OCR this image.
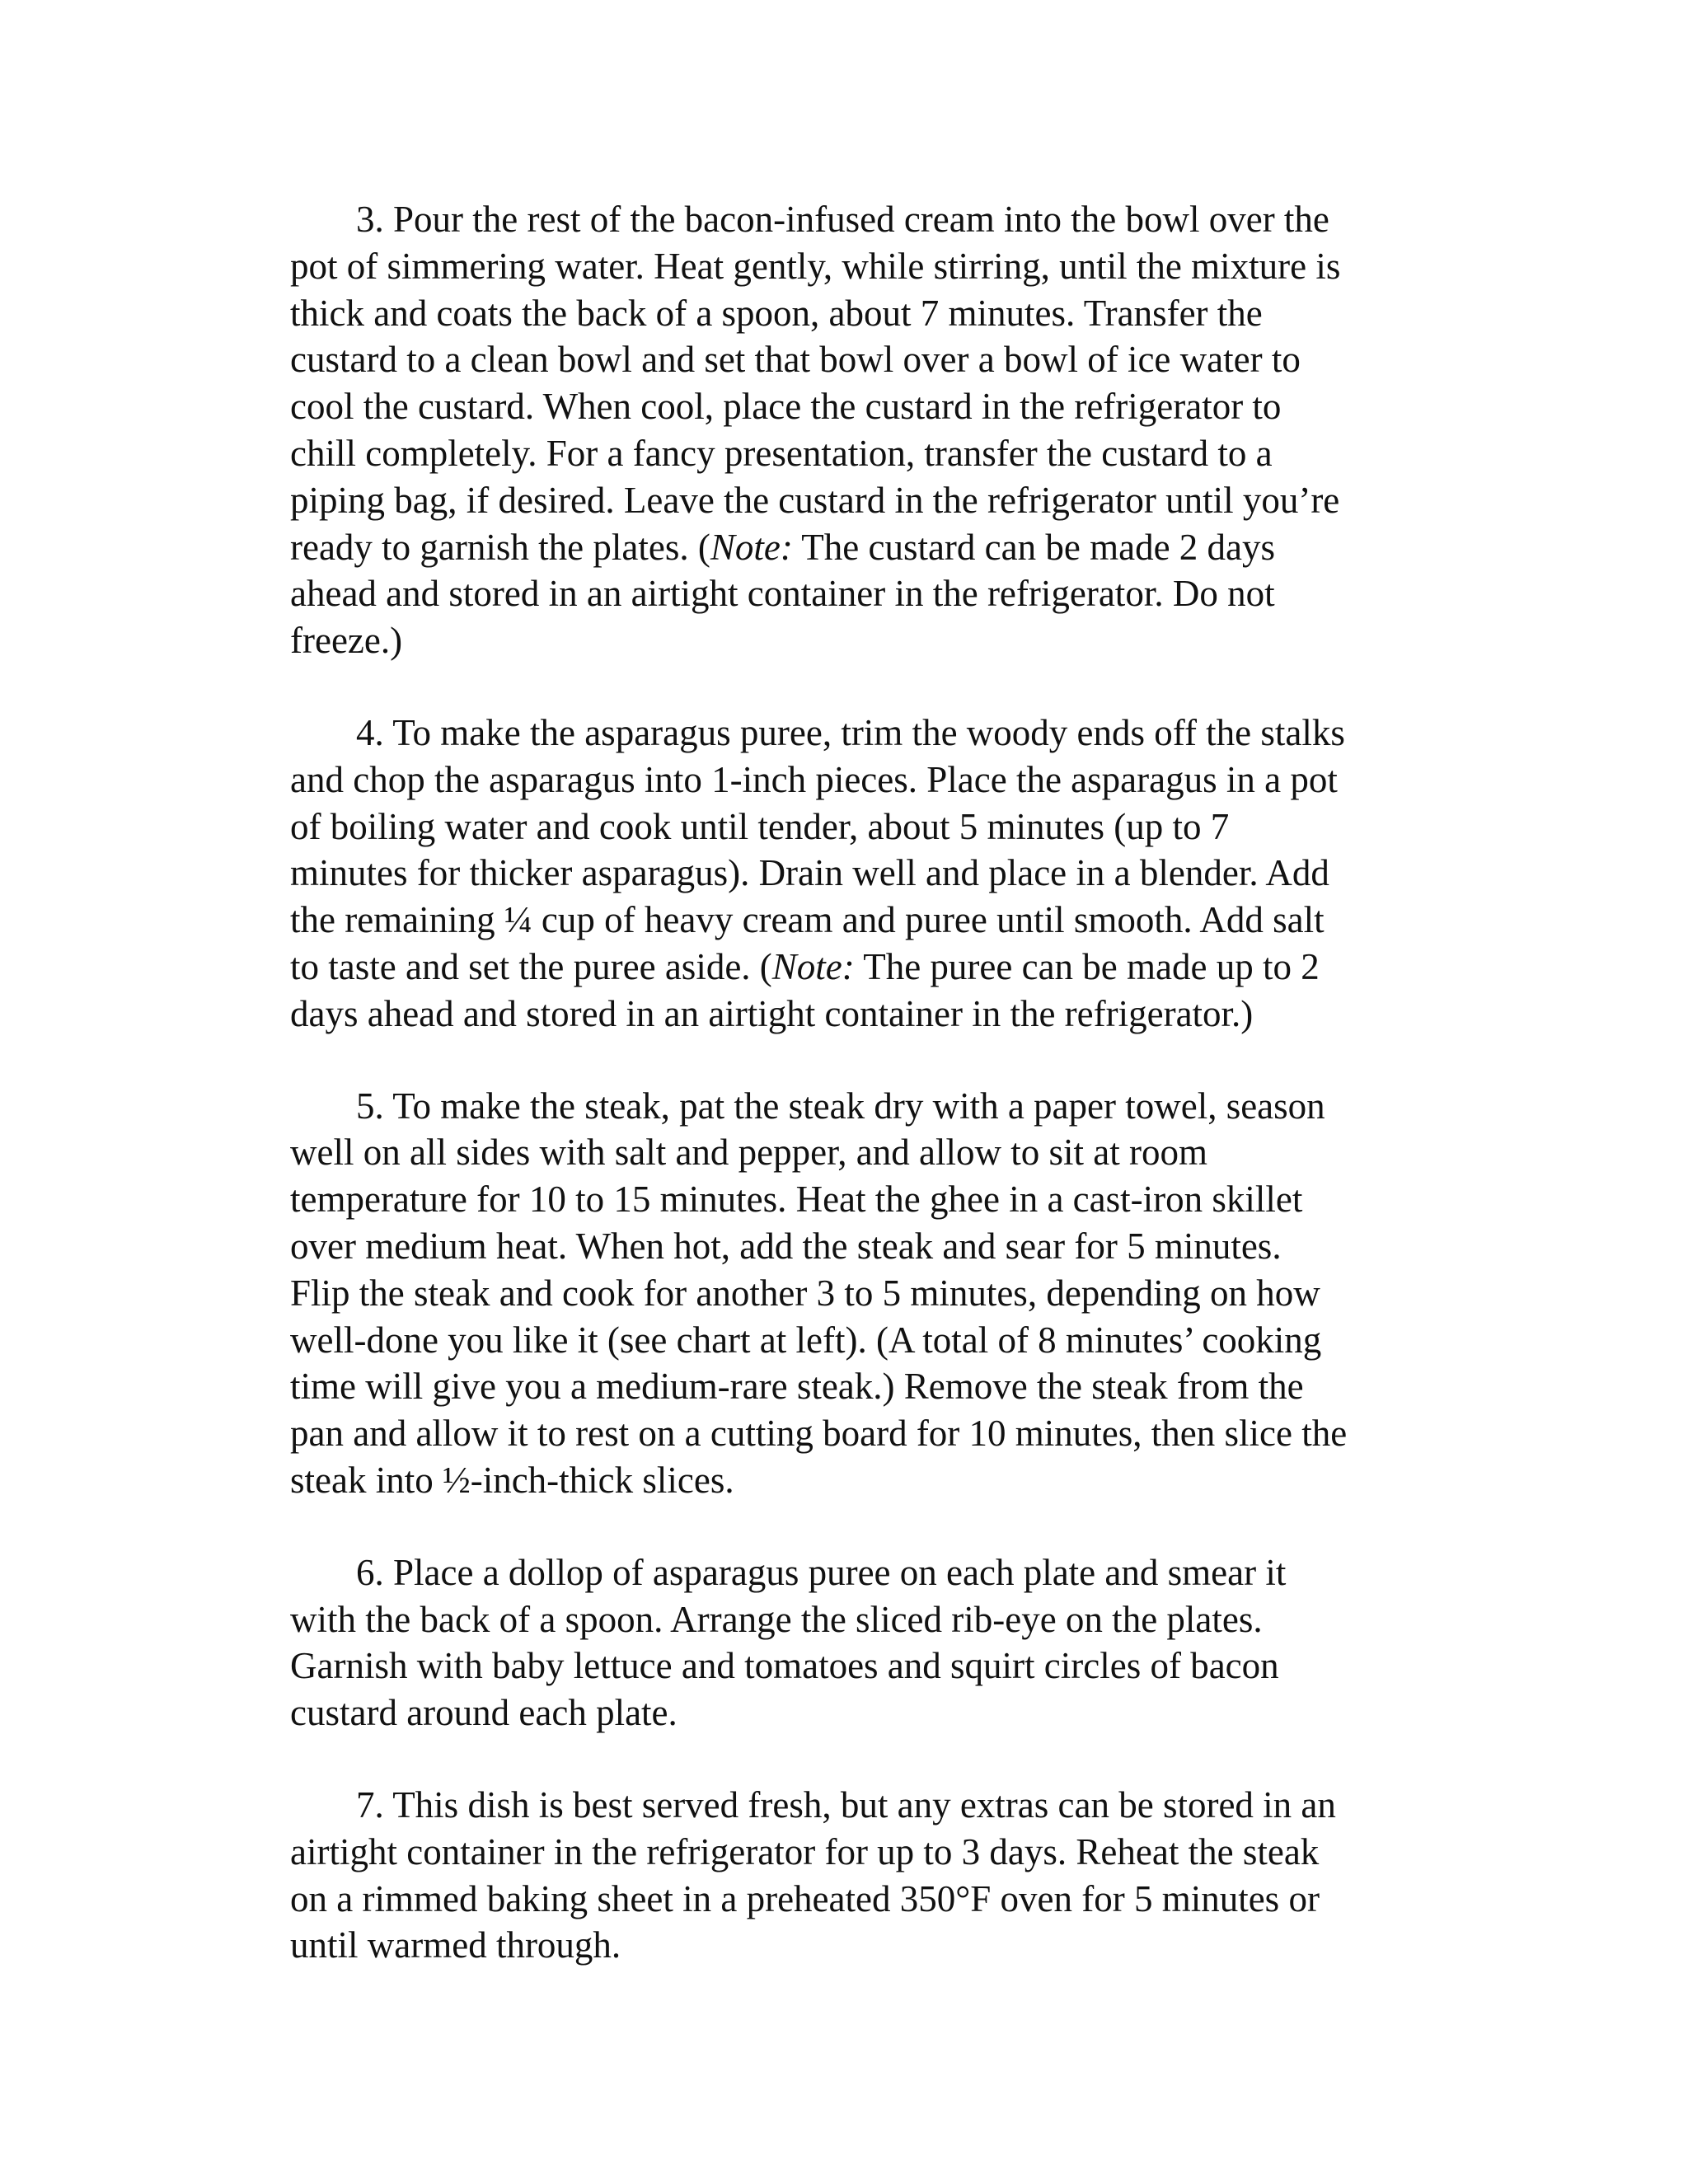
3. Pour the rest of the bacon-infused cream into the bowl over the
pot of simmering water. Heat gently, while stirring, until the mixture is
thick and coats the back of a spoon, about 7 minutes. Transfer the
custard to a clean bowl and set that bowl over a bowl of ice water to
cool the custard. When cool, place the custard in the refrigerator to
chill completely. For a fancy presentation, transfer the custard to a
piping bag, if desired. Leave the custard in the refrigerator until you’re
ready to garnish the plates. (Note: The custard can be made 2 days
ahead and stored in an airtight container in the refrigerator. Do not
freeze.)
4. To make the asparagus puree, trim the woody ends off the stalks
and chop the asparagus into 1-inch pieces. Place the asparagus in a pot
of boiling water and cook until tender, about 5 minutes (up to 7
minutes for thicker asparagus). Drain well and place in a blender. Add
the remaining ¼ cup of heavy cream and puree until smooth. Add salt
to taste and set the puree aside. (Note: The puree can be made up to 2
days ahead and stored in an airtight container in the refrigerator.)
5. To make the steak, pat the steak dry with a paper towel, season
well on all sides with salt and pepper, and allow to sit at room
temperature for 10 to 15 minutes. Heat the ghee in a cast-iron skillet
over medium heat. When hot, add the steak and sear for 5 minutes.
Flip the steak and cook for another 3 to 5 minutes, depending on how
well-done you like it (see chart at left). (A total of 8 minutes’ cooking
time will give you a medium-rare steak.) Remove the steak from the
pan and allow it to rest on a cutting board for 10 minutes, then slice the
steak into ½-inch-thick slices.
6. Place a dollop of asparagus puree on each plate and smear it
with the back of a spoon. Arrange the sliced rib-eye on the plates.
Garnish with baby lettuce and tomatoes and squirt circles of bacon
custard around each plate.
7. This dish is best served fresh, but any extras can be stored in an
airtight container in the refrigerator for up to 3 days. Reheat the steak
on a rimmed baking sheet in a preheated 350°F oven for 5 minutes or
until warmed through.
